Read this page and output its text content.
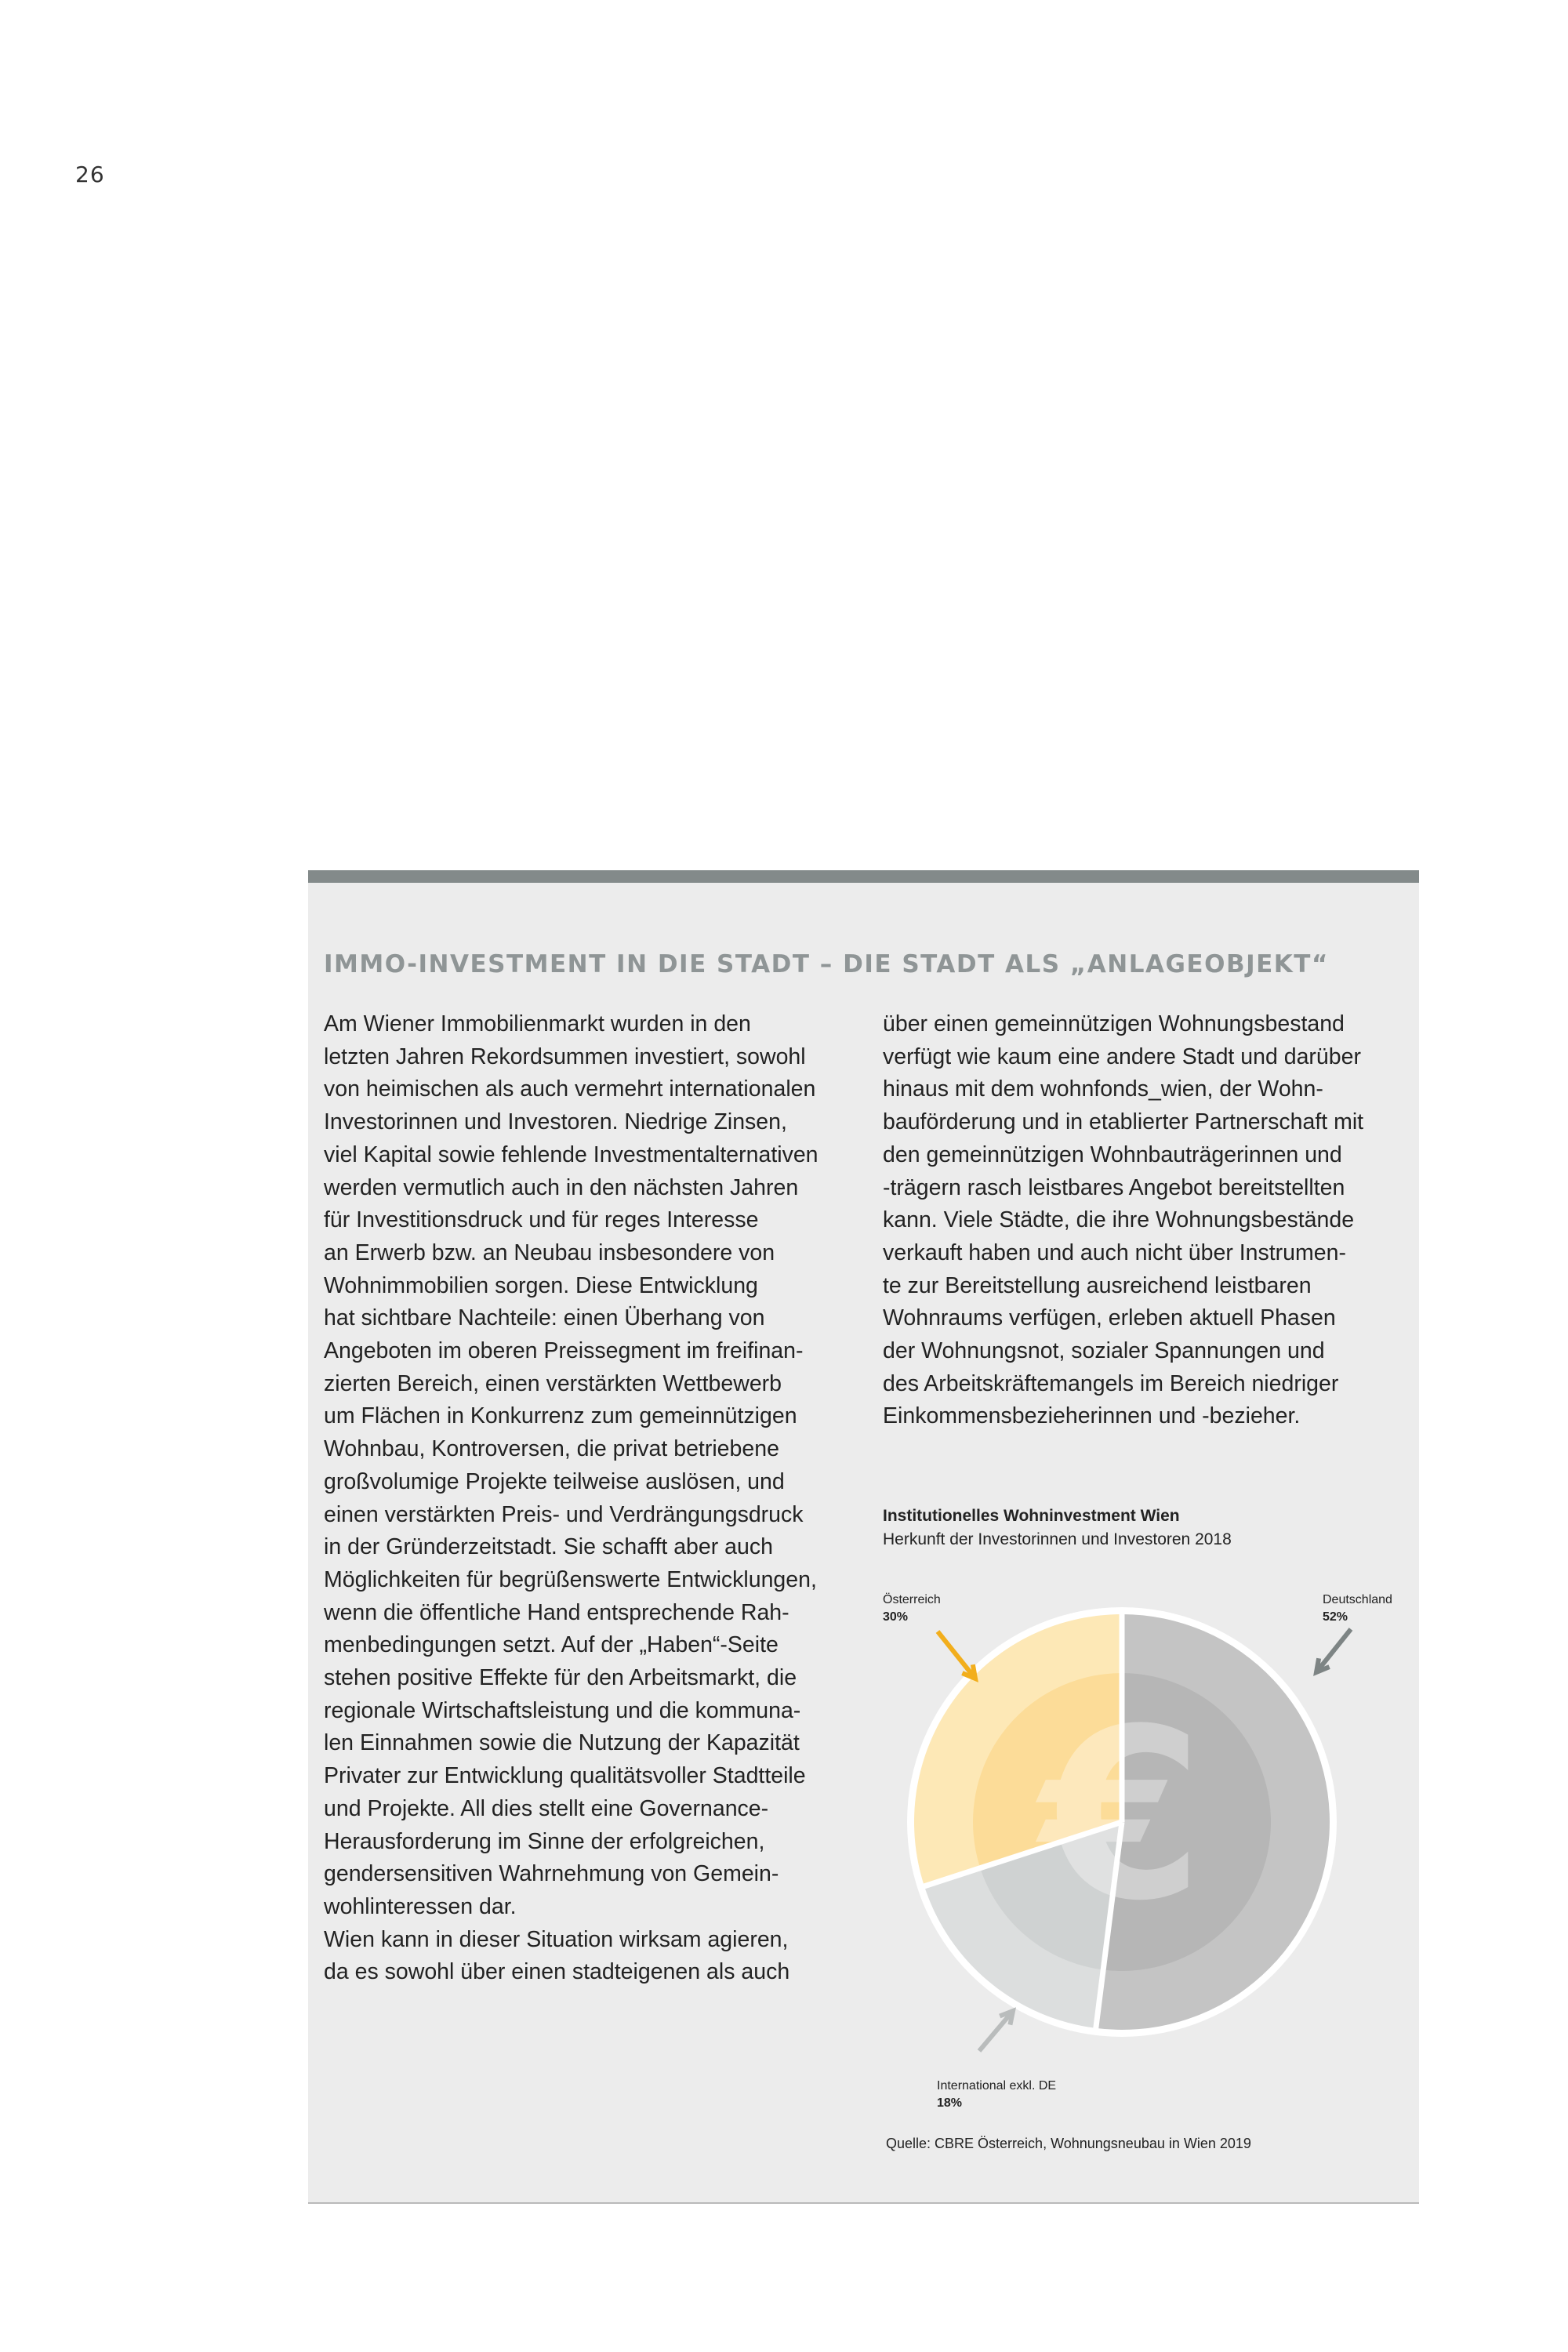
26
IMMO-INVESTMENT IN DIE STADT – DIE STADT ALS „ANLAGEOBJEKT“

Am Wiener Immobilienmarkt wurden in den
letzten Jahren Rekordsummen investiert, sowohl
von heimischen als auch vermehrt internationalen
Investorinnen und Investoren. Niedrige Zinsen,
viel Kapital sowie fehlende Investmentalternativen
werden vermutlich auch in den nächsten Jahren
für Investitionsdruck und für reges Interesse
an Erwerb bzw. an Neubau insbesondere von
Wohnimmobilien sorgen. Diese Entwicklung
hat sichtbare Nachteile: einen Überhang von
Angeboten im oberen Preissegment im freifinan-
zierten Bereich, einen verstärkten Wettbewerb
um Flächen in Konkurrenz zum gemeinnützigen
Wohnbau, Kontroversen, die privat betriebene
großvolumige Projekte teilweise auslösen, und
einen verstärkten Preis- und Verdrängungsdruck
in der Gründerzeitstadt. Sie schafft aber auch
Möglichkeiten für begrüßenswerte Entwicklungen,
wenn die öffentliche Hand entsprechende Rah-
menbedingungen setzt. Auf der „Haben“-Seite
stehen positive Effekte für den Arbeitsmarkt, die
regionale Wirtschaftsleistung und die kommuna-
len Einnahmen sowie die Nutzung der Kapazität
Privater zur Entwicklung qualitätsvoller Stadtteile
und Projekte. All dies stellt eine Governance-
Herausforderung im Sinne der erfolgreichen,
gendersensitiven Wahrnehmung von Gemein-
wohlinteressen dar.
Wien kann in dieser Situation wirksam agieren,
da es sowohl über einen stadteigenen als auch

über einen gemeinnützigen Wohnungsbestand
verfügt wie kaum eine andere Stadt und darüber
hinaus mit dem wohnfonds_wien, der Wohn-
bauförderung und in etablierter Partnerschaft mit
den gemeinnützigen Wohnbauträgerinnen und
-trägern rasch leistbares Angebot bereitstellten
kann. Viele Städte, die ihre Wohnungsbestände
verkauft haben und auch nicht über Instrumen-
te zur Bereitstellung ausreichend leistbaren
Wohnraums verfügen, erleben aktuell Phasen
der Wohnungsnot, sozialer Spannungen und
des Arbeitskräftemangels im Bereich niedriger
Einkommensbezieherinnen und -bezieher.

Institutionelles Wohninvestment Wien

Herkunft der Investorinnen und Investoren 2018

€
Österreich
30%
Deutschland
52%
International exkl. DE
18%

Quelle: CBRE Österreich, Wohnungsneubau in Wien 2019
